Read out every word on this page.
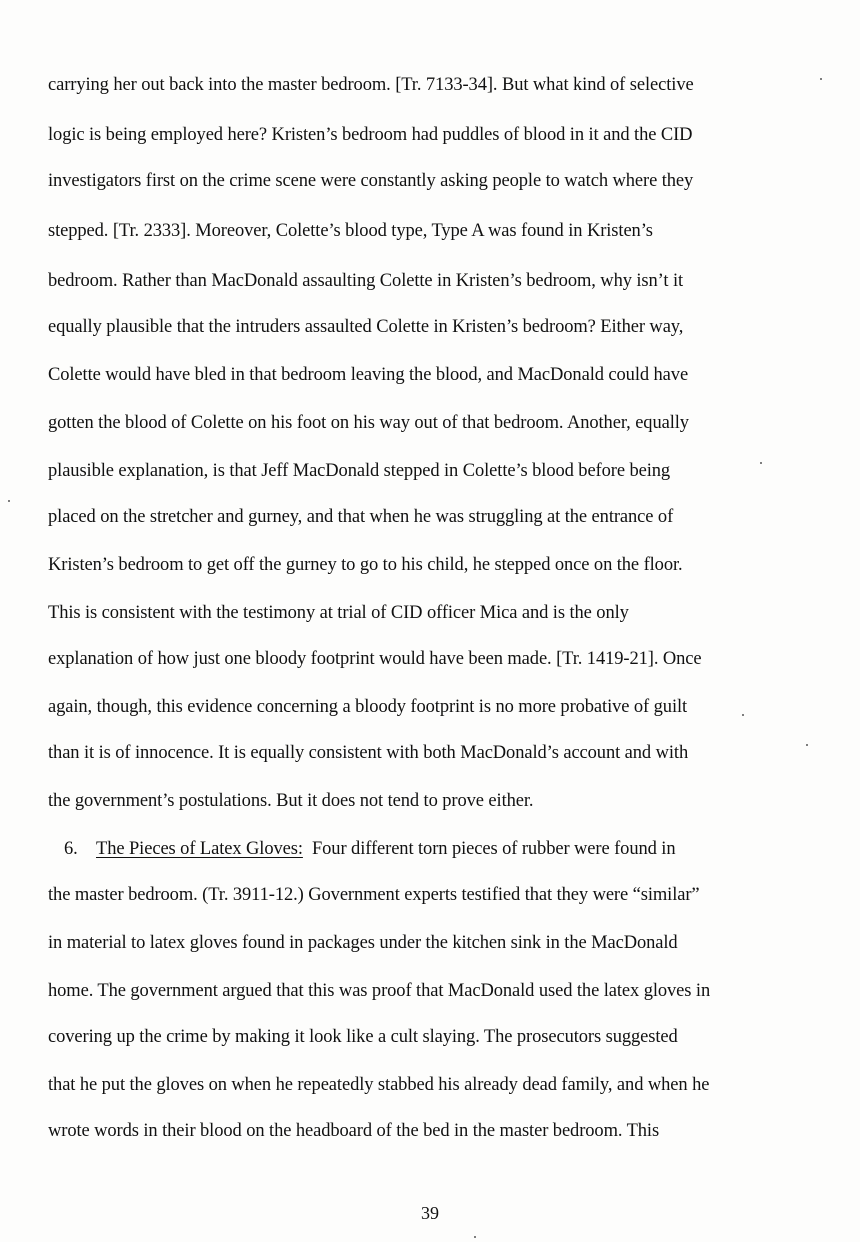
carrying her out back into the master bedroom. [Tr. 7133-34]. But what kind of selective
logic is being employed here? Kristen’s bedroom had puddles of blood in it and the CID
investigators first on the crime scene were constantly asking people to watch where they
stepped. [Tr. 2333]. Moreover, Colette’s blood type, Type A was found in Kristen’s
bedroom. Rather than MacDonald assaulting Colette in Kristen’s bedroom, why isn’t it
equally plausible that the intruders assaulted Colette in Kristen’s bedroom? Either way,
Colette would have bled in that bedroom leaving the blood, and MacDonald could have
gotten the blood of Colette on his foot on his way out of that bedroom. Another, equally
plausible explanation, is that Jeff MacDonald stepped in Colette’s blood before being
placed on the stretcher and gurney, and that when he was struggling at the entrance of
Kristen’s bedroom to get off the gurney to go to his child, he stepped once on the floor.
This is consistent with the testimony at trial of CID officer Mica and is the only
explanation of how just one bloody footprint would have been made. [Tr. 1419-21]. Once
again, though, this evidence concerning a bloody footprint is no more probative of guilt
than it is of innocence. It is equally consistent with both MacDonald’s account and with
the government’s postulations. But it does not tend to prove either.
6. The Pieces of Latex Gloves: Four different torn pieces of rubber were found in
the master bedroom. (Tr. 3911-12.) Government experts testified that they were “similar”
in material to latex gloves found in packages under the kitchen sink in the MacDonald
home. The government argued that this was proof that MacDonald used the latex gloves in
covering up the crime by making it look like a cult slaying. The prosecutors suggested
that he put the gloves on when he repeatedly stabbed his already dead family, and when he
wrote words in their blood on the headboard of the bed in the master bedroom. This
39
